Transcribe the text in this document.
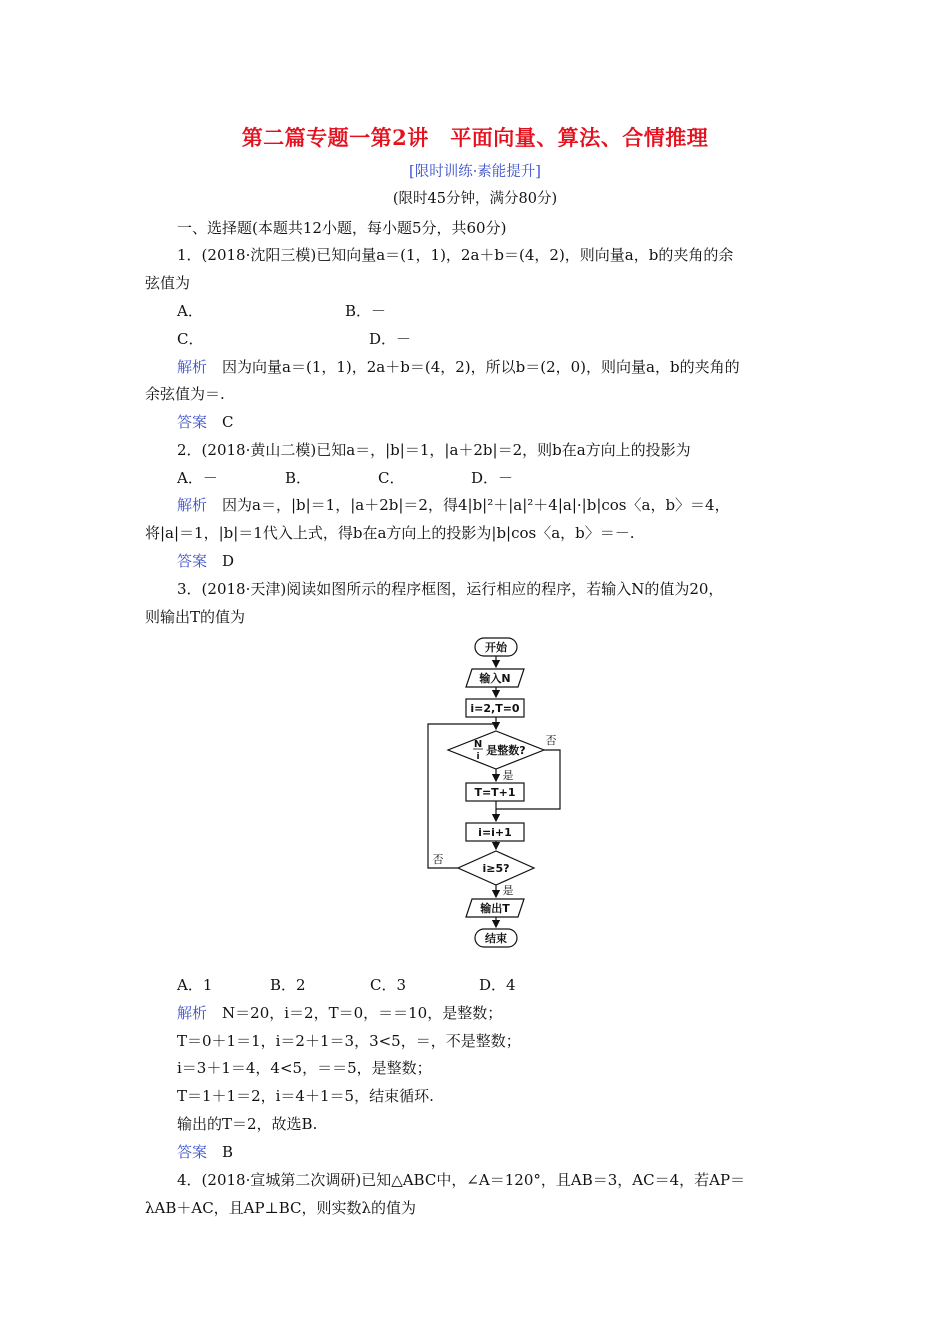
第二篇专题一第2讲　平面向量、算法、合情推理
[限时训练·素能提升]
(限时45分钟，满分80分)
一、选择题(本题共12小题，每小题5分，共60分)
1．(2018·沈阳三模)已知向量a＝(1，1)，2a＋b＝(4，2)，则向量a，b的夹角的余
弦值为
A．	B．－
C．	D．－
解析　 因为向量a＝(1，1)，2a＋b＝(4，2)，所以b＝(2，0)，则向量a，b的夹角的
余弦值为＝.
答案　 C
2．(2018·黄山二模)已知a＝，|b|＝1，|a＋2b|＝2，则b在a方向上的投影为
A．－	B．	C．	D．－
解析　 因为a＝，|b|＝1，|a＋2b|＝2，得4|b|²＋|a|²＋4|a|·|b|cos〈a，b〉＝4，
将|a|＝1，|b|＝1代入上式，得b在a方向上的投影为|b|cos〈a，b〉＝－.
答案　 D
3．(2018·天津)阅读如图所示的程序框图，运行相应的程序，若输入N的值为20，
则输出T的值为
开始
输入N
i=2,T=0
N
i 是整数?
否
是
T=T+1
i=i+1
i≥5?
否
是
输出T
结束
A．1	B．2	C．3	D．4
解析　 N＝20，i＝2，T＝0，＝＝10，是整数；
T＝0＋1＝1，i＝2＋1＝3，3<5，＝，不是整数；
i＝3＋1＝4，4<5，＝＝5，是整数；
T＝1＋1＝2，i＝4＋1＝5，结束循环.
输出的T＝2，故选B.
答案　 B
4．(2018·宣城第二次调研)已知△ABC中，∠A＝120°，且AB＝3，AC＝4，若AP＝
λAB＋AC，且AP⊥BC，则实数λ的值为
